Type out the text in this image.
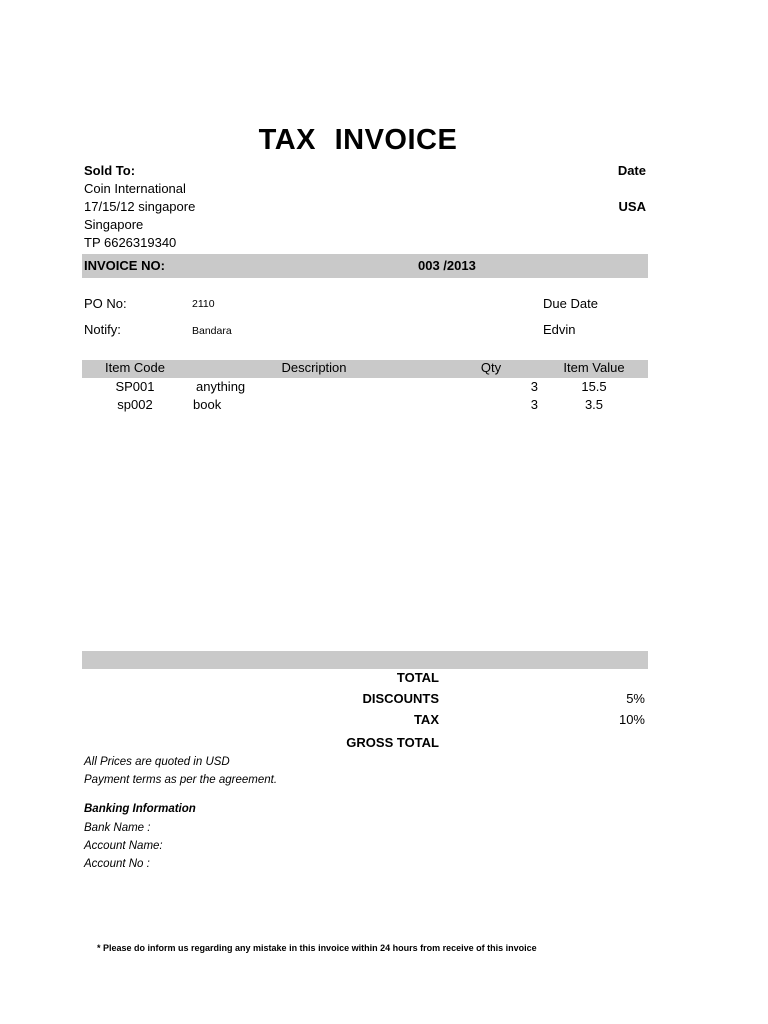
TAX INVOICE
Sold To:
Coin International
17/15/12 singapore
Singapore
TP 6626319340
Date
USA
INVOICE NO:	003 /2013
PO No:	2110	Due Date
Notify:	Bandara	Edvin
Item Code	Description	Qty	Item Value
SP001	anything	3	15.5
sp002	book	3	3.5
TOTAL
DISCOUNTS	5%
TAX	10%
GROSS TOTAL
All Prices are quoted in USD
Payment terms as per the agreement.
Banking Information
Bank Name :
Account Name:
Account No :
* Please do inform us regarding any mistake in this invoice within 24 hours from receive of this invoice
